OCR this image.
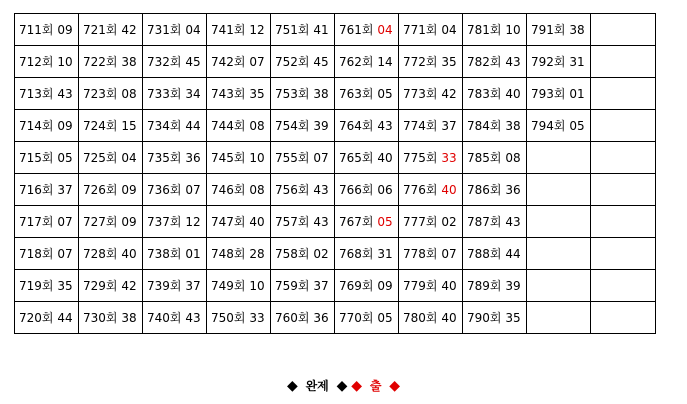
711회 09	721회 42	731회 04	741회 12	751회 41	761회 04	771회 04	781회 10	791회 38	
712회 10	722회 38	732회 45	742회 07	752회 45	762회 14	772회 35	782회 43	792회 31	
713회 43	723회 08	733회 34	743회 35	753회 38	763회 05	773회 42	783회 40	793회 01	
714회 09	724회 15	734회 44	744회 08	754회 39	764회 43	774회 37	784회 38	794회 05	
715회 05	725회 04	735회 36	745회 10	755회 07	765회 40	775회 33	785회 08		
716회 37	726회 09	736회 07	746회 08	756회 43	766회 06	776회 40	786회 36		
717회 07	727회 09	737회 12	747회 40	757회 43	767회 05	777회 02	787회 43		
718회 07	728회 40	738회 01	748회 28	758회 02	768회 31	778회 07	788회 44		
719회 35	729회 42	739회 37	749회 10	759회 37	769회 09	779회 40	789회 39		
720회 44	730회 38	740회 43	750회 33	760회 36	770회 05	780회 40	790회 35		
◆ 완제 ◆ ◆ 출 ◆
